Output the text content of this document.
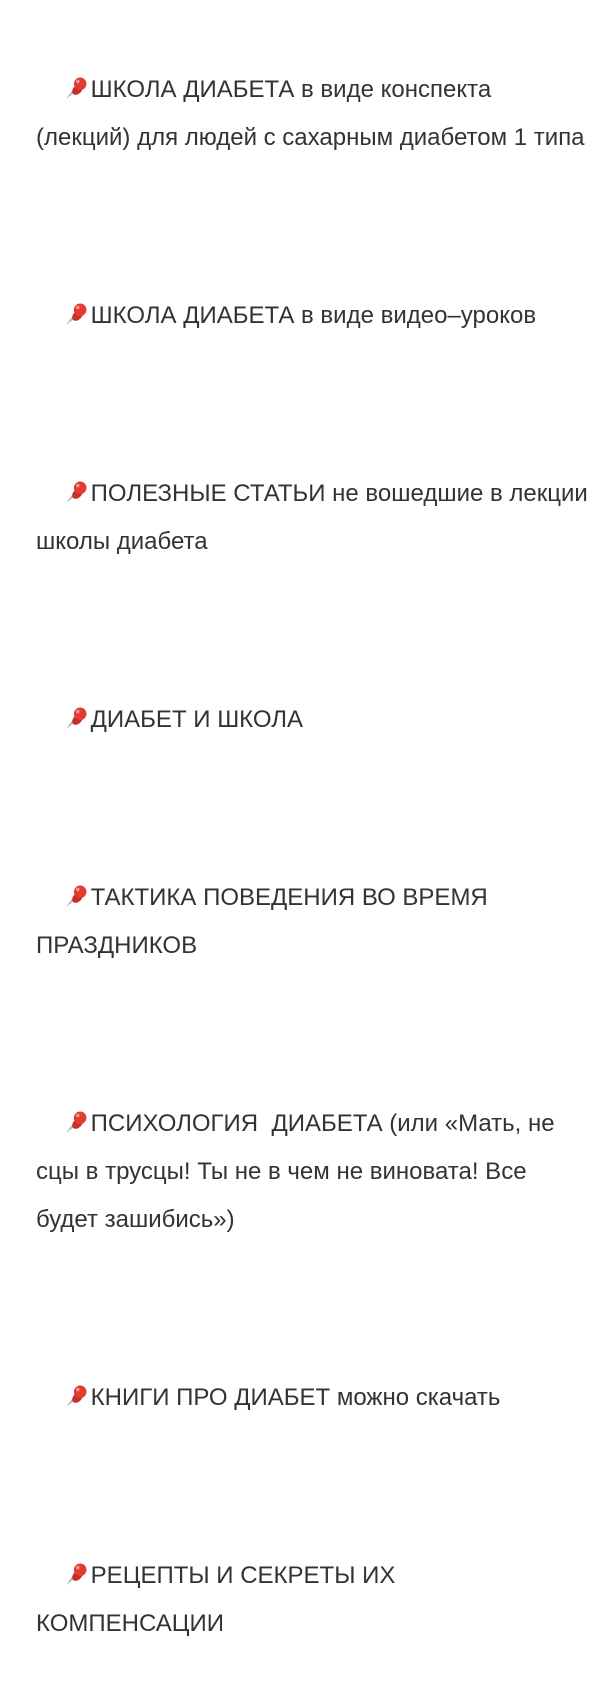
ШКОЛА ДИАБЕТА в виде конспекта (лекций) для людей с сахарным диабетом 1 типа

ШКОЛА ДИАБЕТА в виде видео–уроков

ПОЛЕЗНЫЕ СТАТЬИ не вошедшие в лекции школы диабета

ДИАБЕТ И ШКОЛА

ТАКТИКА ПОВЕДЕНИЯ ВО ВРЕМЯ ПРАЗДНИКОВ

ПСИХОЛОГИЯ  ДИАБЕТА (или «Мать, не сцы в трусцы! Ты не в чем не виновата! Все будет зашибись»)

КНИГИ ПРО ДИАБЕТ можно скачать

РЕЦЕПТЫ И СЕКРЕТЫ ИХ КОМПЕНСАЦИИ
